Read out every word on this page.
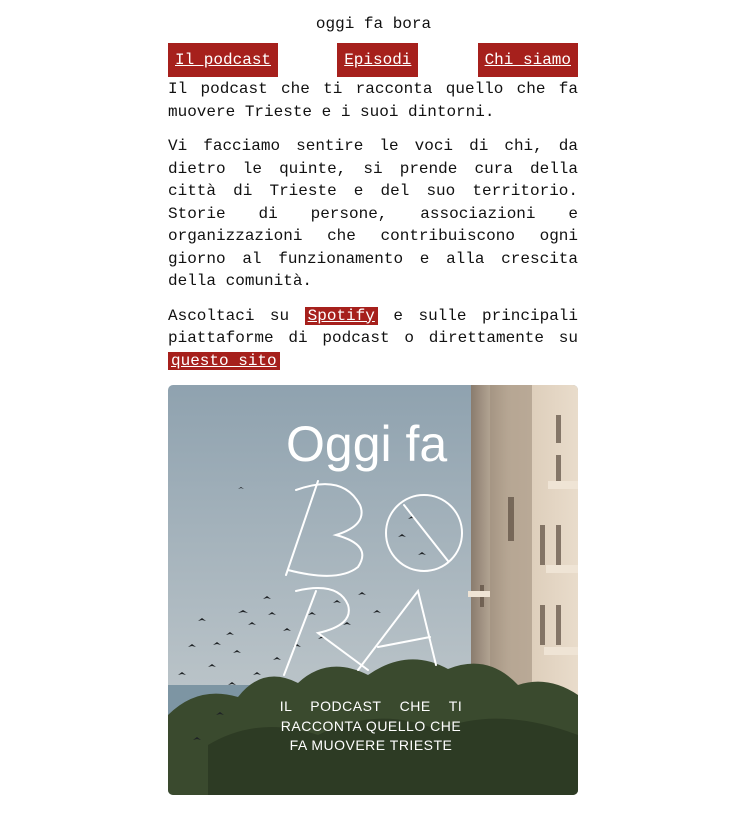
oggi fa bora
Il podcast	Episodi	Chi siamo

Il podcast che ti racconta quello che fa muovere Trieste e i suoi dintorni.

Vi facciamo sentire le voci di chi, da dietro le quinte, si prende cura della città di Trieste e del suo territorio. Storie di persone, associazioni e organizzazioni che contribuiscono ogni giorno al funzionamento e alla crescita della comunità.

Ascoltaci su Spotify e sulle principali piattaforme di podcast o direttamente su questo sito

Oggi fa
IL PODCAST CHE TI
RACCONTA QUELLO CHE
FA MUOVERE TRIESTE
